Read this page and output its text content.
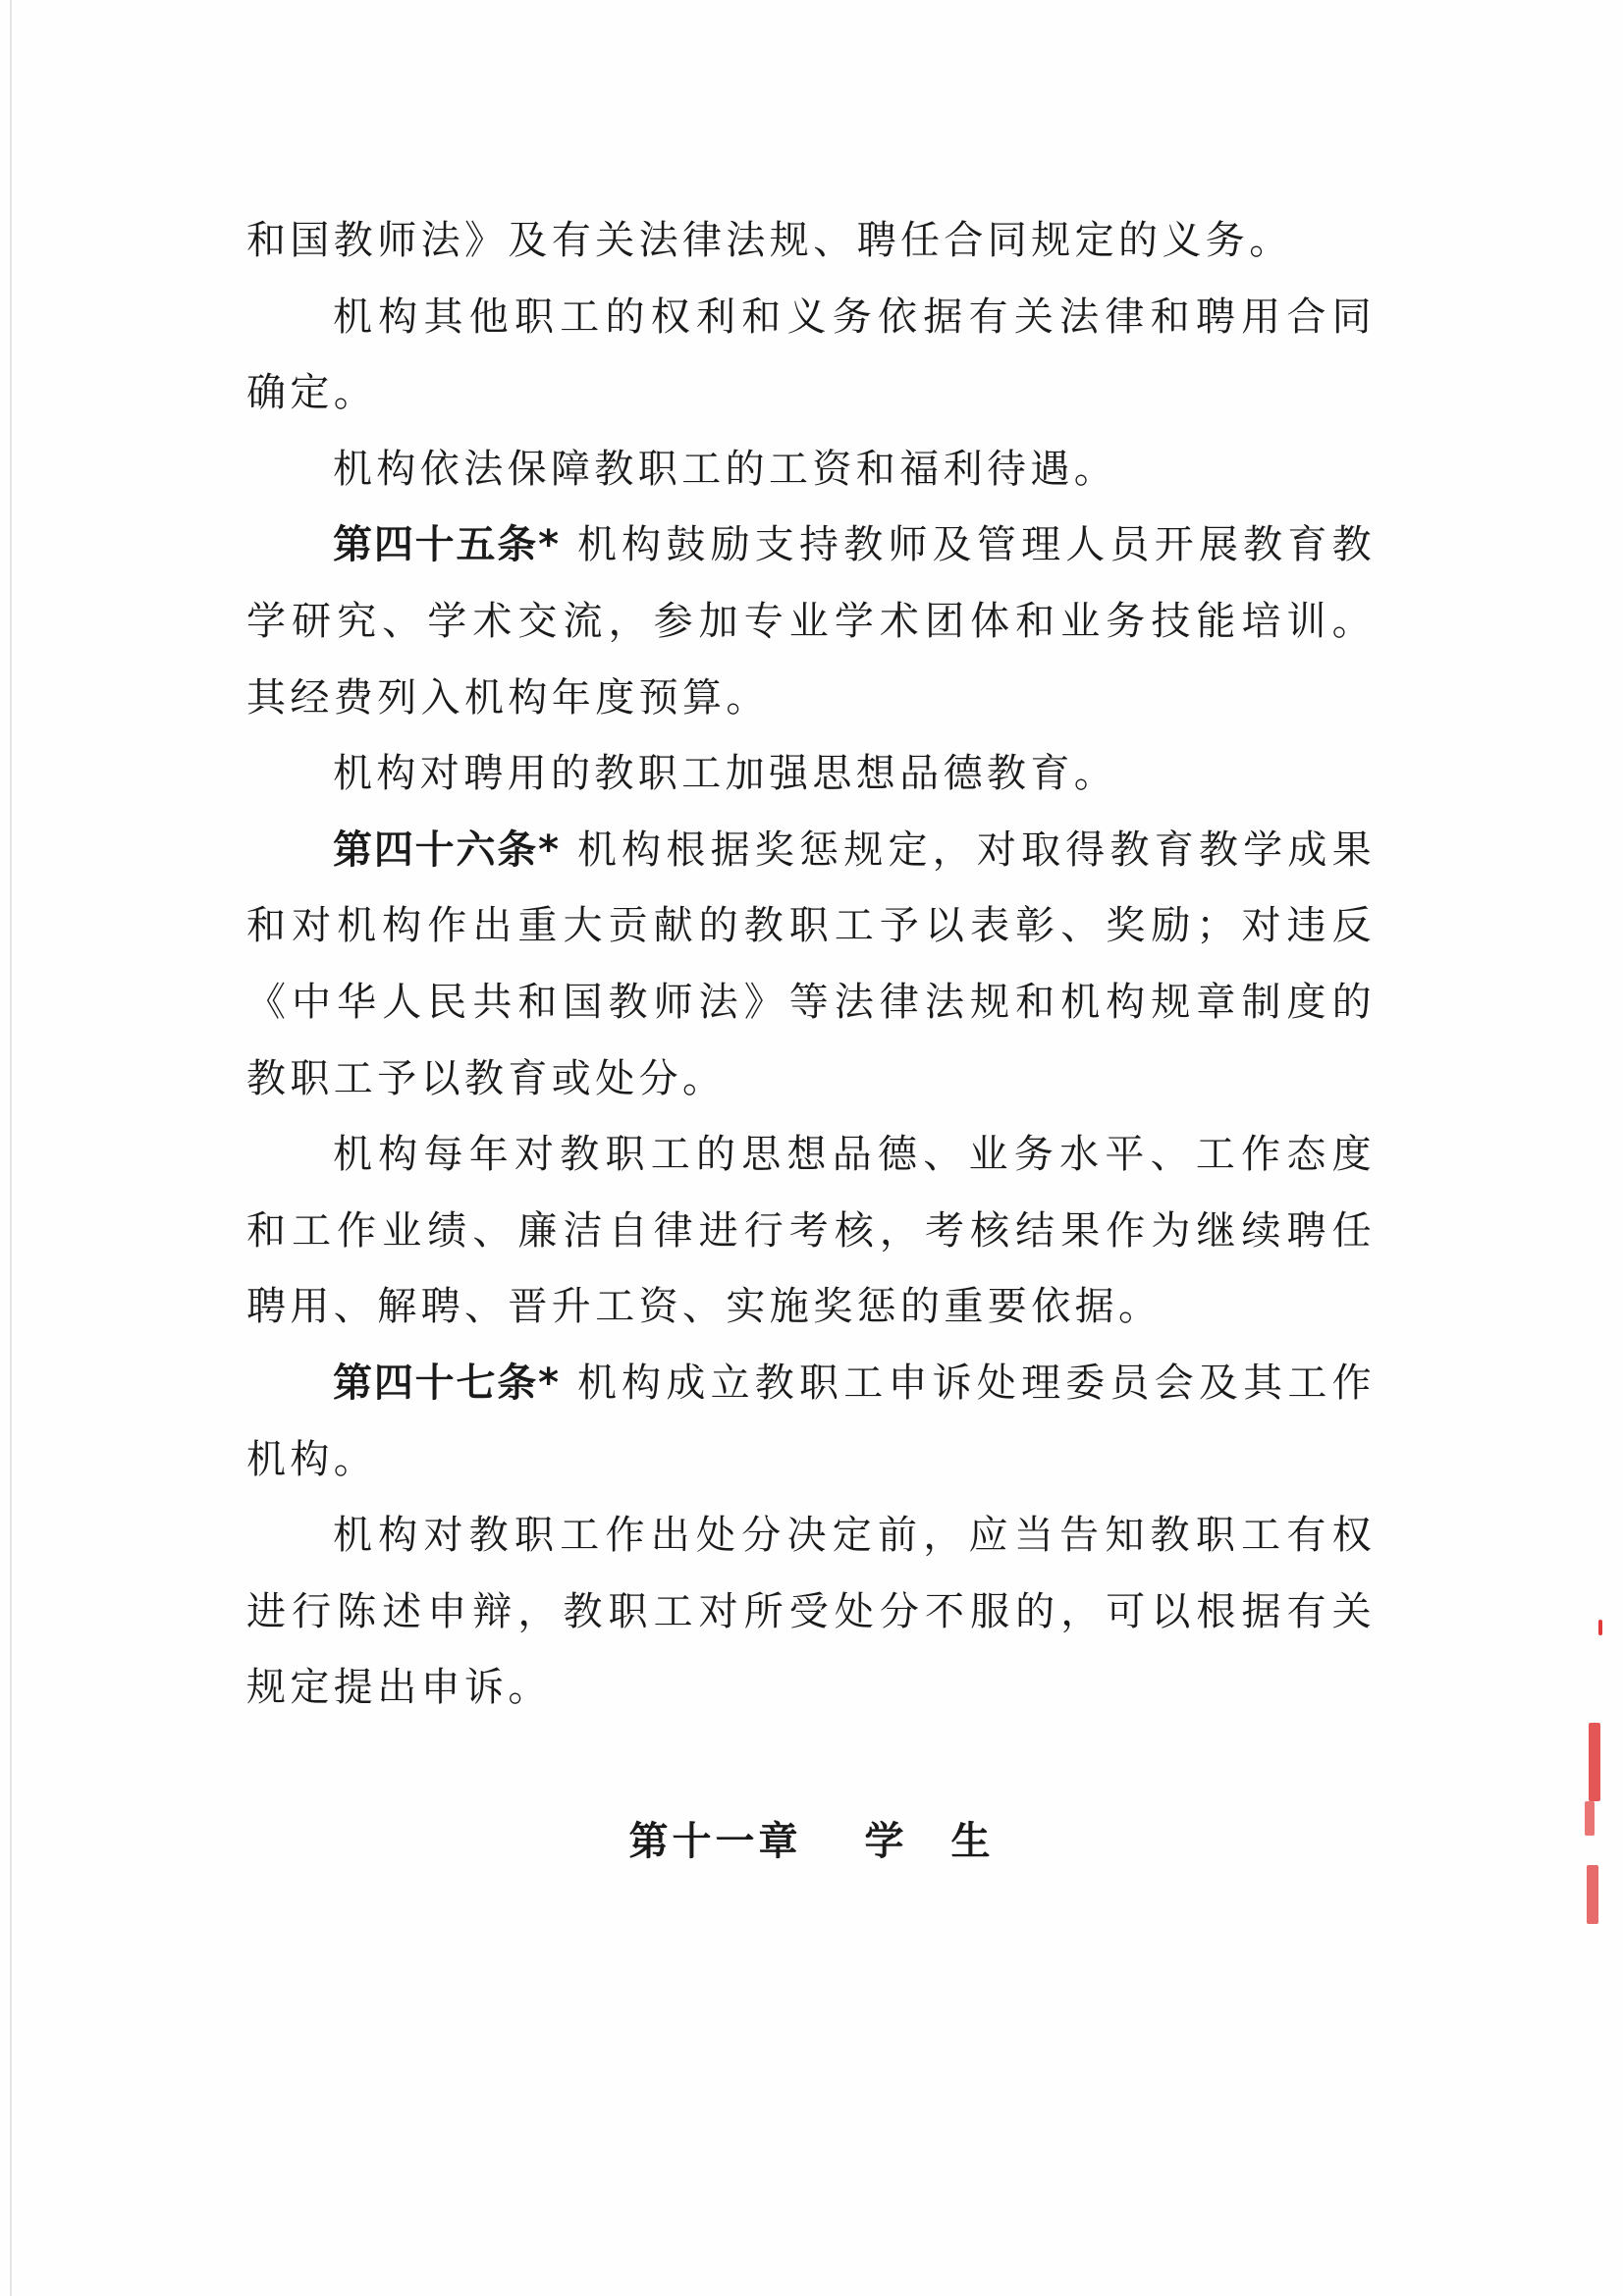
和国教师法》及有关法律法规、聘任合同规定的义务。

机构其他职工的权利和义务依据有关法律和聘用合同确定。

机构依法保障教职工的工资和福利待遇。

第四十五条* 机构鼓励支持教师及管理人员开展教育教学研究、学术交流，参加专业学术团体和业务技能培训。其经费列入机构年度预算。

机构对聘用的教职工加强思想品德教育。

第四十六条* 机构根据奖惩规定，对取得教育教学成果和对机构作出重大贡献的教职工予以表彰、奖励；对违反《中华人民共和国教师法》等法律法规和机构规章制度的教职工予以教育或处分。

机构每年对教职工的思想品德、业务水平、工作态度和工作业绩、廉洁自律进行考核，考核结果作为继续聘任聘用、解聘、晋升工资、实施奖惩的重要依据。

第四十七条* 机构成立教职工申诉处理委员会及其工作机构。

机构对教职工作出处分决定前，应当告知教职工有权进行陈述申辩，教职工对所受处分不服的，可以根据有关规定提出申诉。

第十一章 学　生
